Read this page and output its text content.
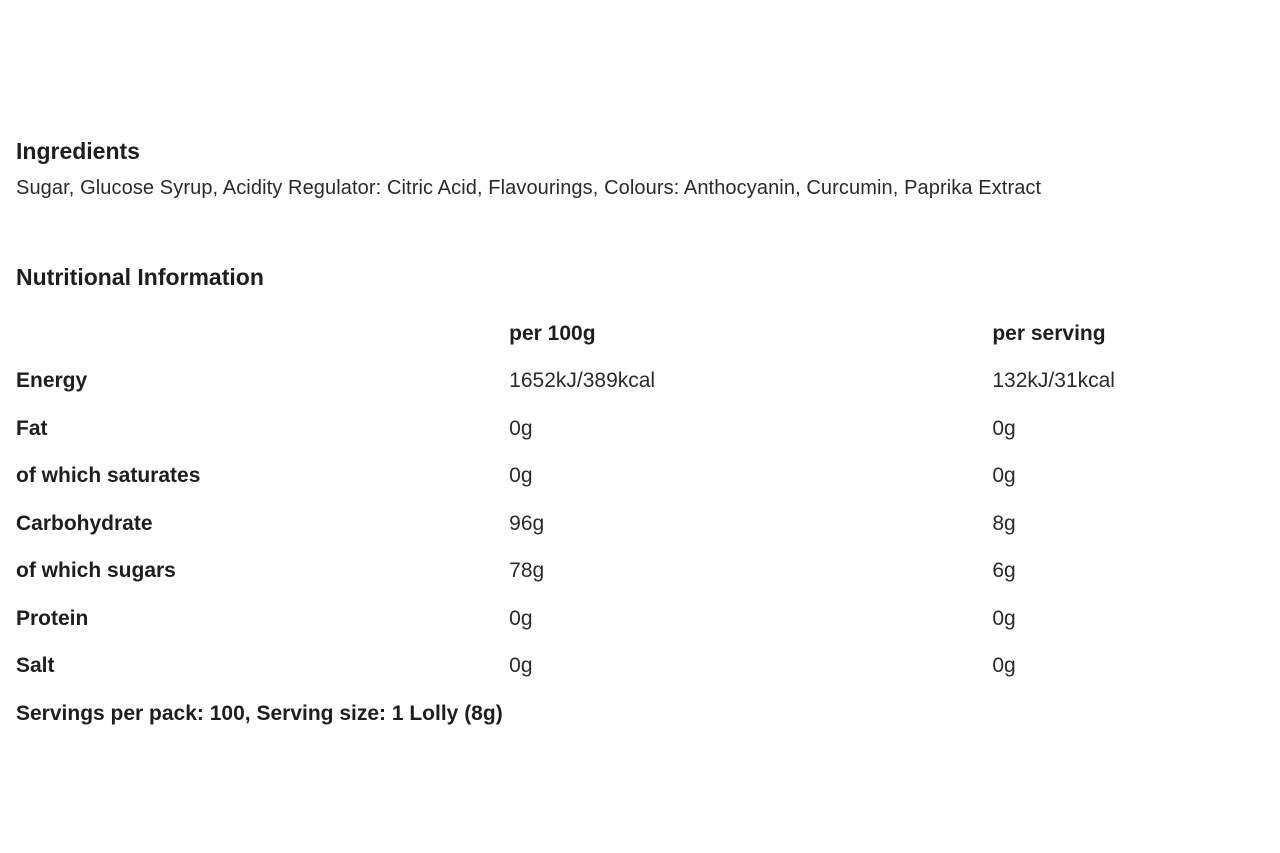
Ingredients

Sugar, Glucose Syrup, Acidity Regulator: Citric Acid, Flavourings, Colours: Anthocyanin, Curcumin, Paprika Extract

Nutritional Information
	per 100g	per serving
Energy	1652kJ/389kcal	132kJ/31kcal
Fat	0g	0g
of which saturates	0g	0g
Carbohydrate	96g	8g
of which sugars	78g	6g
Protein	0g	0g
Salt	0g	0g
Servings per pack: 100, Serving size: 1 Lolly (8g)
